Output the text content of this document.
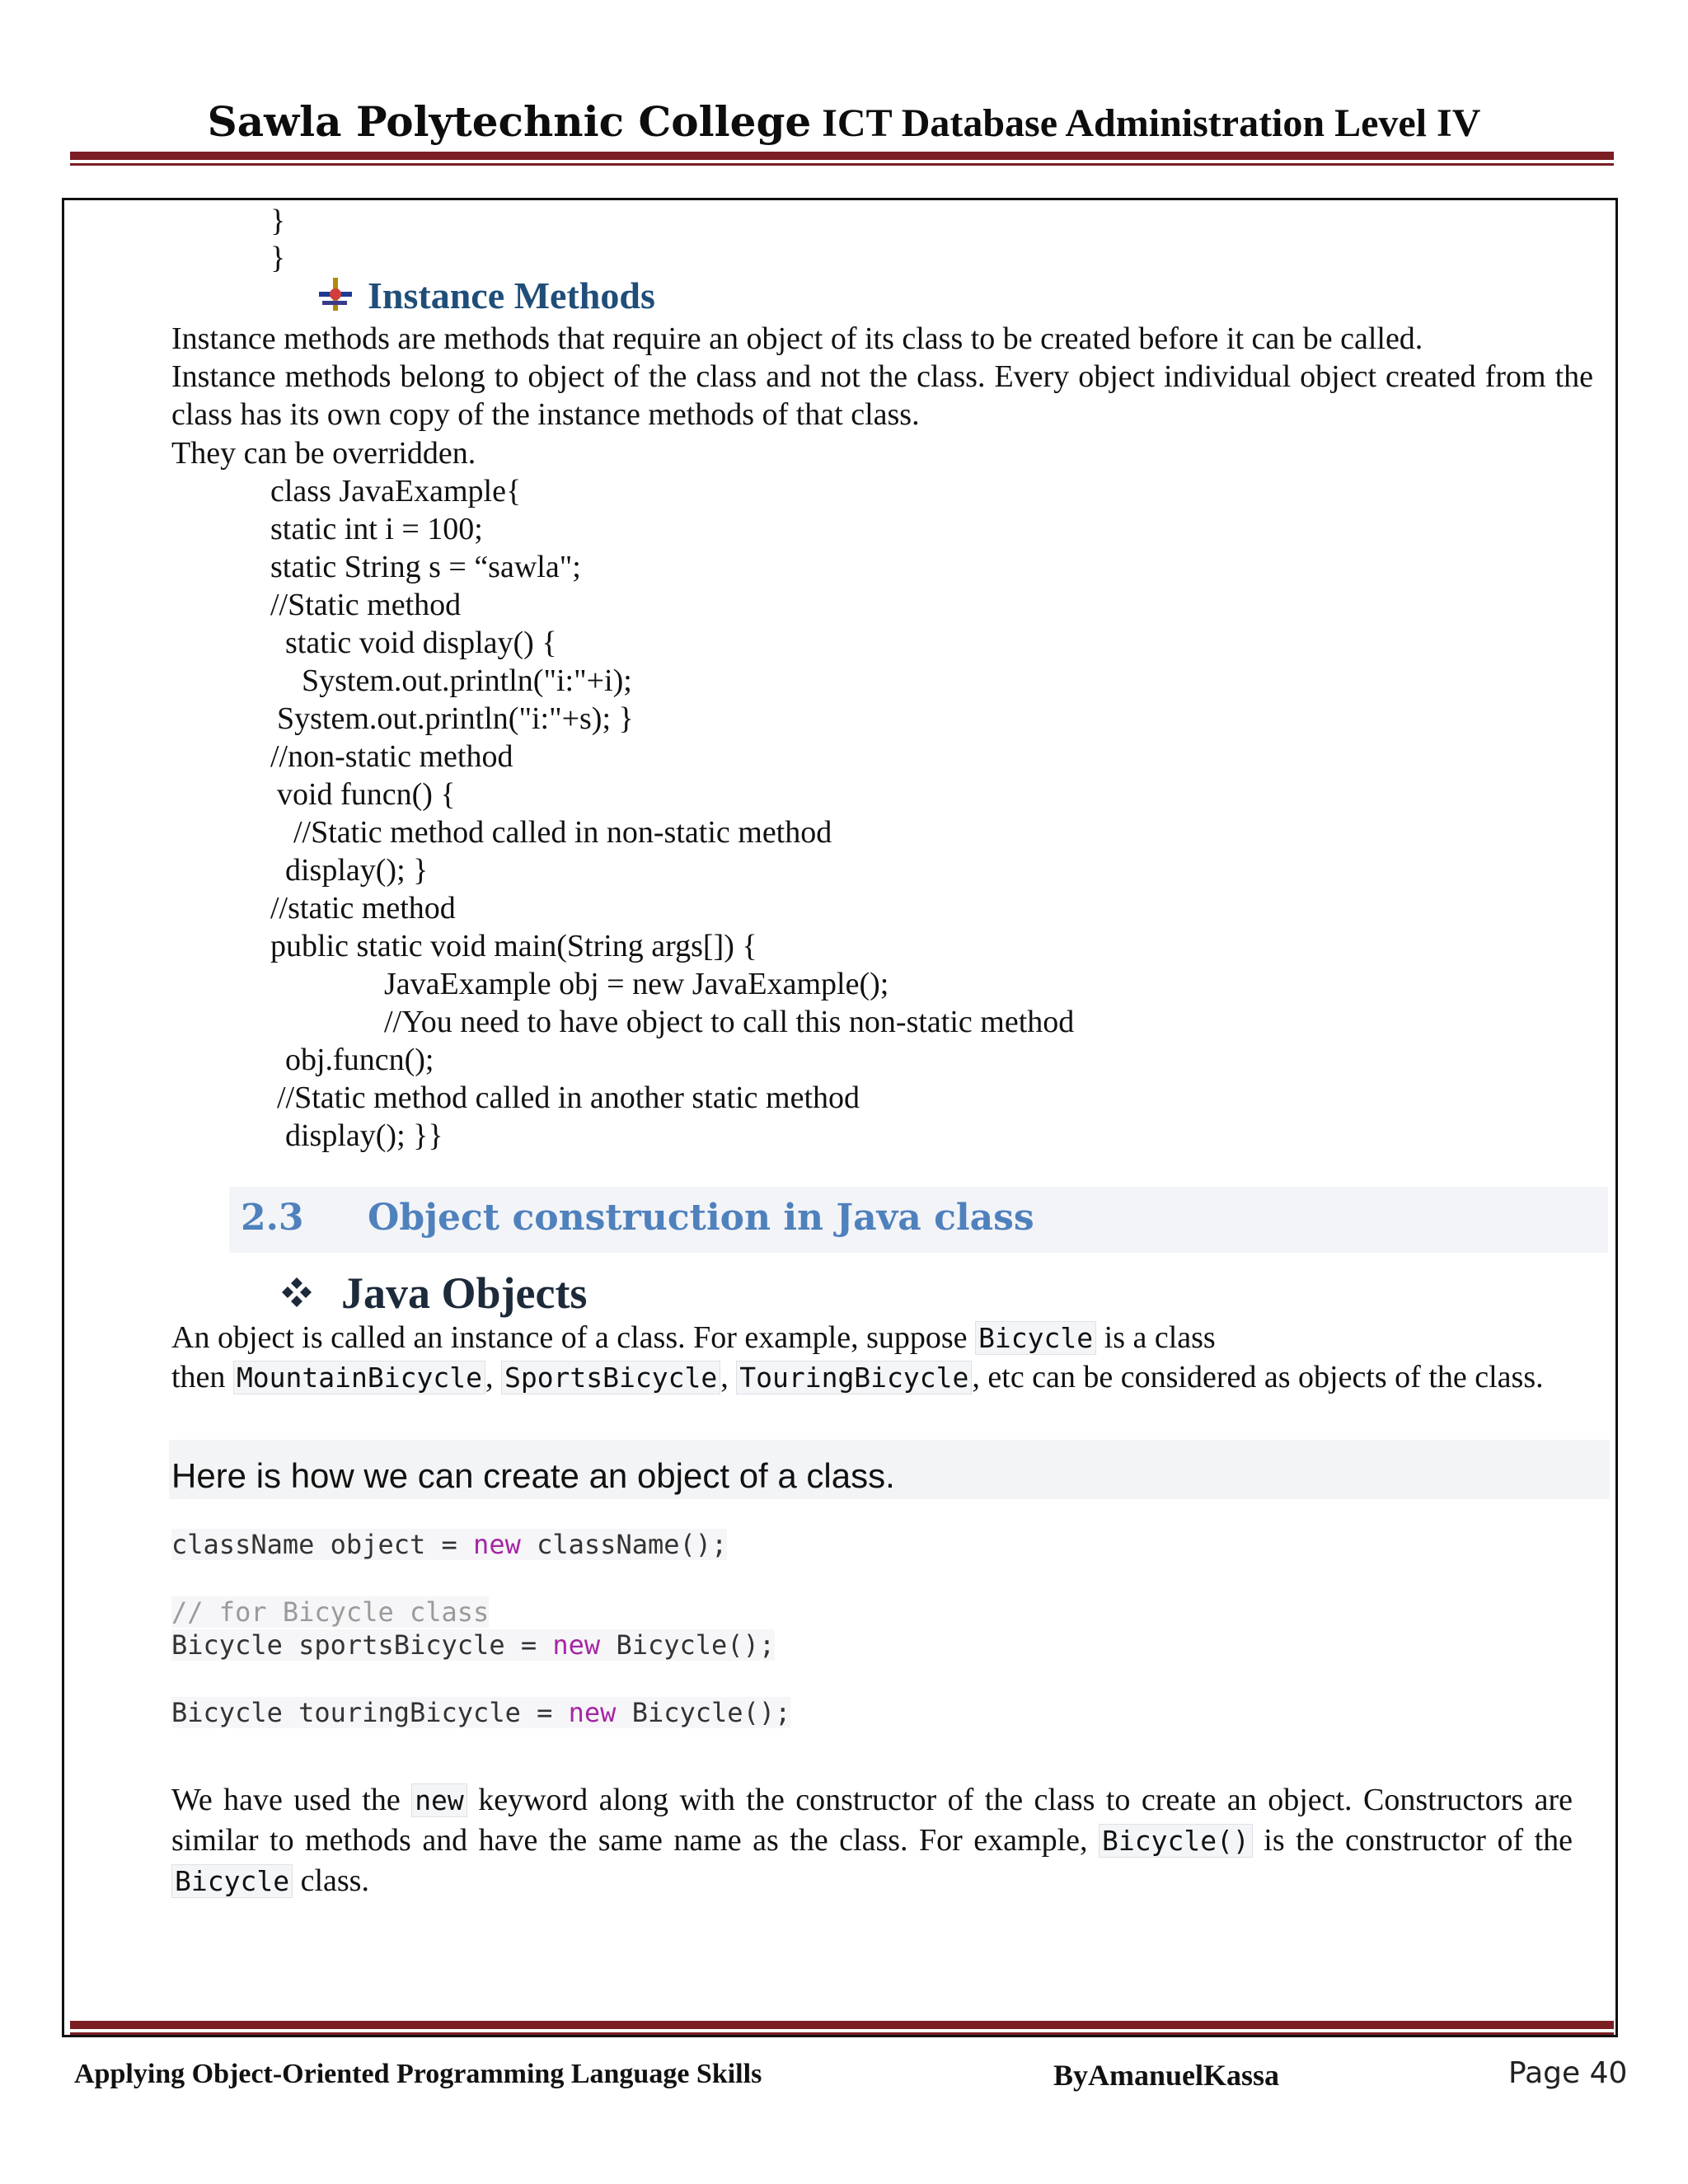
Sawla Polytechnic College ICT Database Administration Level IV
}
}
Instance Methods
Instance methods are methods that require an object of its class to be created before it can be called.
Instance methods belong to object of the class and not the class. Every object individual object created from the class has its own copy of the instance methods of that class.
They can be overridden.
class JavaExample{
static int i = 100;
static String s = “sawla";
//Static method
static void display() {
System.out.println("i:"+i);
System.out.println("i:"+s); }
//non-static method
void funcn() {
//Static method called in non-static method
display(); }
//static method
public static void main(String args[]) {
JavaExample obj = new JavaExample();
//You need to have object to call this non-static method
obj.funcn();
//Static method called in another static method
display(); }}
2.3 Object construction in Java class
Java Objects
An object is called an instance of a class. For example, suppose Bicycle is a class
then MountainBicycle , SportsBicycle , TouringBicycle , etc can be considered as objects of the class.
Here is how we can create an object of a class.
className object = new className();
// for Bicycle class
Bicycle sportsBicycle = new Bicycle();
Bicycle touringBicycle = new Bicycle();
We have used the new keyword along with the constructor of the class to create an object. Constructors are similar to methods and have the same name as the class. For example, Bicycle() is the constructor of the Bicycle class.
Applying Object-Oriented Programming Language Skills	ByAmanuelKassa	Page 40
